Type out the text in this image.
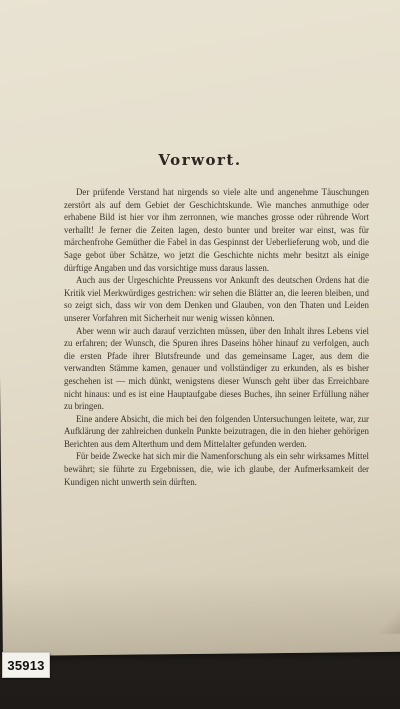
Vorwort.

Der prüfende Verstand hat nirgends so viele alte und angenehme Täuschungen zerstört als auf dem Gebiet der Geschichtskunde. Wie manches anmuthige oder erhabene Bild ist hier vor ihm zerronnen, wie manches grosse oder rührende Wort verhallt! Je ferner die Zeiten lagen, desto bunter und breiter war einst, was für märchenfrohe Gemüther die Fabel in das Gespinnst der Ueberlieferung wob, und die Sage gebot über Schätze, wo jetzt die Geschichte nichts mehr besitzt als einige dürftige Angaben und das vorsichtige muss daraus lassen.

Auch aus der Urgeschichte Preussens vor Ankunft des deutschen Ordens hat die Kritik viel Merkwürdiges gestrichen: wir sehen die Blätter an, die leeren bleiben, und so zeigt sich, dass wir von dem Denken und Glauben, von den Thaten und Leiden unserer Vorfahren mit Sicherheit nur wenig wissen können.

Aber wenn wir auch darauf verzichten müssen, über den Inhalt ihres Lebens viel zu erfahren; der Wunsch, die Spuren ihres Daseins höher hinauf zu verfolgen, auch die ersten Pfade ihrer Blutsfreunde und das gemeinsame Lager, aus dem die verwandten Stämme kamen, genauer und vollständiger zu erkunden, als es bisher geschehen ist — mich dünkt, wenigstens dieser Wunsch geht über das Erreichbare nicht hinaus: und es ist eine Hauptaufgabe dieses Buches, ihn seiner Erfüllung näher zu bringen.

Eine andere Absicht, die mich bei den folgenden Untersuchungen leitete, war, zur Aufklärung der zahlreichen dunkeln Punkte beizutragen, die in den hieher gehörigen Berichten aus dem Alterthum und dem Mittelalter gefunden werden.

Für beide Zwecke hat sich mir die Namenforschung als ein sehr wirksames Mittel bewährt; sie führte zu Ergebnissen, die, wie ich glaube, der Aufmerksamkeit der Kundigen nicht unwerth sein dürften.

35913
